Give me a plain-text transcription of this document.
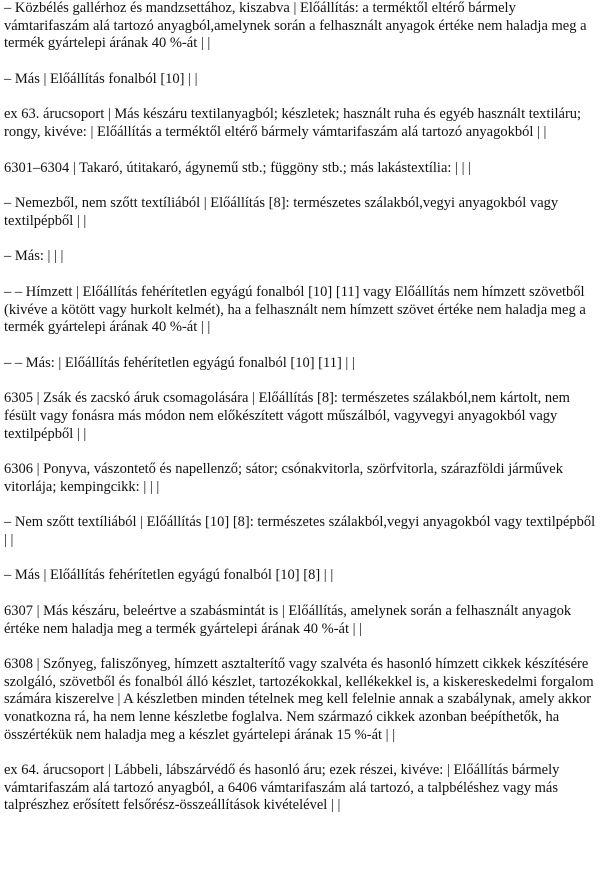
– Közbélés gallérhoz és mandzsettához, kiszabva | Előállítás: a terméktől eltérő bármely vámtarifaszám alá tartozó anyagból,amelynek során a felhasznált anyagok értéke nem haladja meg a termék gyártelepi árának 40 %-át | |

– Más | Előállítás fonalból [10] | |

ex 63. árucsoport | Más készáru textilanyagból; készletek; használt ruha és egyéb használt textiláru; rongy, kivéve: | Előállítás a terméktől eltérő bármely vámtarifaszám alá tartozó anyagokból | |

6301–6304 | Takaró, útitakaró, ágynemű stb.; függöny stb.; más lakástextília: | | |

– Nemezből, nem szőtt textíliából | Előállítás [8]: természetes szálakból,vegyi anyagokból vagy textilpépből | |

– Más: | | |

– – Hímzett | Előállítás fehérítetlen egyágú fonalból [10] [11] vagy Előállítás nem hímzett szövetből (kivéve a kötött vagy hurkolt kelmét), ha a felhasznált nem hímzett szövet értéke nem haladja meg a termék gyártelepi árának 40 %-át | |

– – Más: | Előállítás fehérítetlen egyágú fonalból [10] [11] | |

6305 | Zsák és zacskó áruk csomagolására | Előállítás [8]: természetes szálakból,nem kártolt, nem fésült vagy fonásra más módon nem előkészített vágott műszálból, vagyvegyi anyagokból vagy textilpépből | |

6306 | Ponyva, vászontető és napellenző; sátor; csónakvitorla, szörfvitorla, szárazföldi járművek vitorlája; kempingcikk: | | |

– Nem szőtt textíliából | Előállítás [10] [8]: természetes szálakból,vegyi anyagokból vagy textilpépből | |

– Más | Előállítás fehérítetlen egyágú fonalból [10] [8] | |

6307 | Más készáru, beleértve a szabásmintát is | Előállítás, amelynek során a felhasznált anyagok értéke nem haladja meg a termék gyártelepi árának 40 %-át | |

6308 | Szőnyeg, faliszőnyeg, hímzett asztalterítő vagy szalvéta és hasonló hímzett cikkek készítésére szolgáló, szövetből és fonalból álló készlet, tartozékokkal, kellékekkel is, a kiskereskedelmi forgalom számára kiszerelve | A készletben minden tételnek meg kell felelnie annak a szabálynak, amely akkor vonatkozna rá, ha nem lenne készletbe foglalva. Nem származó cikkek azonban beépíthetők, ha összértékük nem haladja meg a készlet gyártelepi árának 15 %-át | |

ex 64. árucsoport | Lábbeli, lábszárvédő és hasonló áru; ezek részei, kivéve: | Előállítás bármely vámtarifaszám alá tartozó anyagból, a 6406 vámtarifaszám alá tartozó, a talpbéléshez vagy más talprészhez erősített felsőrész-összeállítások kivételével | |
